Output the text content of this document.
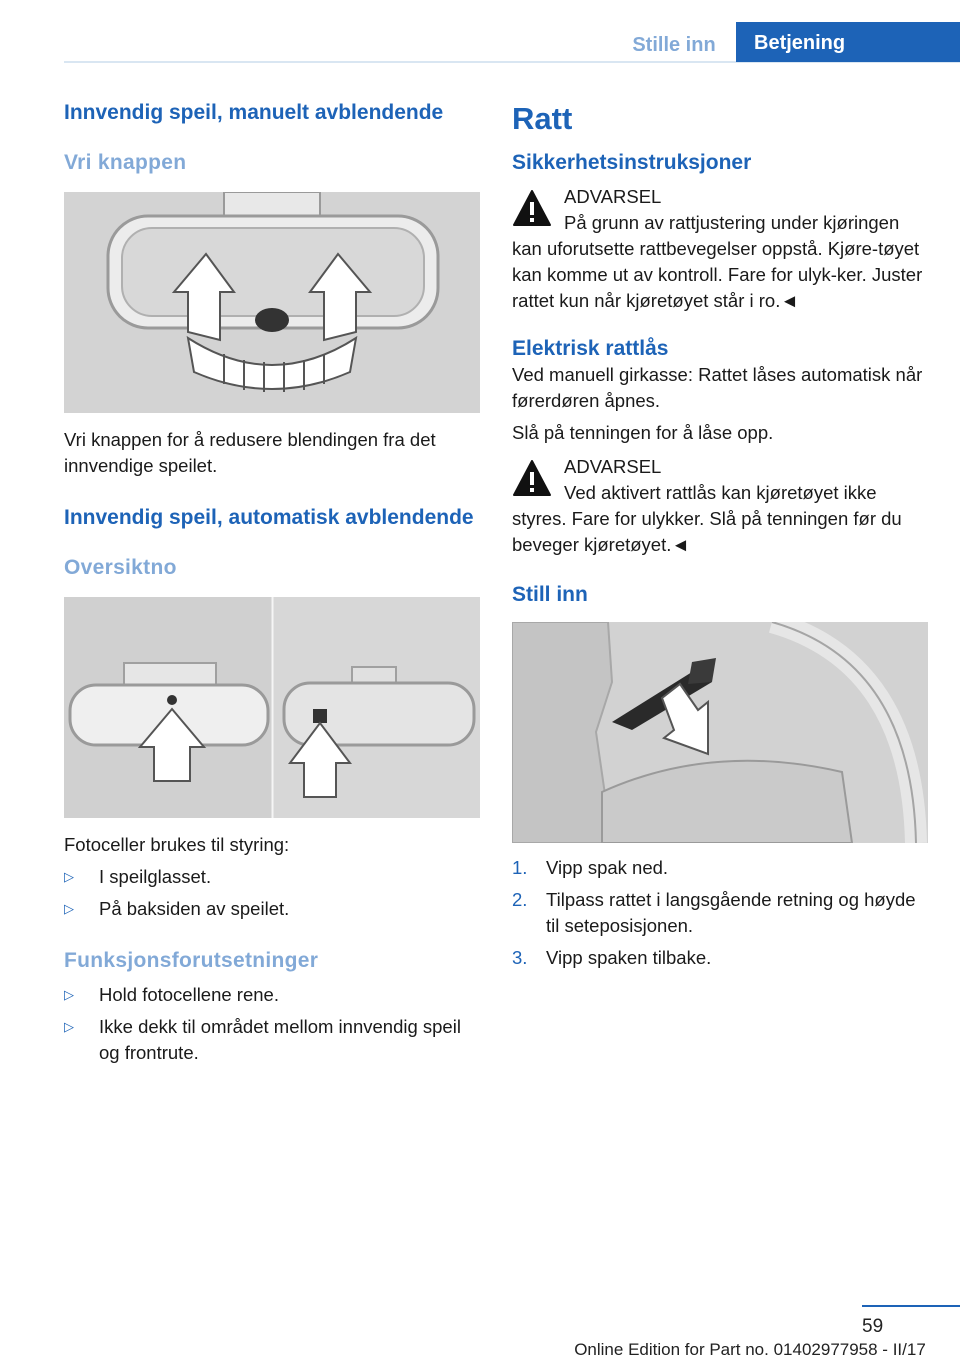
Stille inn	Betjening
Innvendig speil, manuelt avblendende
Vri knappen

Vri knappen for å redusere blendingen fra det innvendige speilet.

Innvendig speil, automatisk avblendende
Oversiktno

Fotoceller brukes til styring:

▷ I speilglasset.
▷ På baksiden av speilet.
Funksjonsforutsetninger
▷ Hold fotocellene rene.
▷ Ikke dekk til området mellom innvendig speil og frontrute.
Ratt
Sikkerhetsinstruksjoner
ADVARSEL
På grunn av rattjustering under kjøringen kan uforutsette rattbevegelser oppstå. Kjøre‐tøyet kan komme ut av kontroll. Fare for ulyk‐ker. Juster rattet kun når kjøretøyet står i ro.◄
Elektrisk rattlås

Ved manuell girkasse: Rattet låses automatisk når førerdøren åpnes.

Slå på tenningen for å låse opp.

ADVARSEL
Ved aktivert rattlås kan kjøretøyet ikke styres. Fare for ulykker. Slå på tenningen før du beveger kjøretøyet.◄
Still inn
1. Vipp spak ned.
2. Tilpass rattet i langsgående retning og høyde til seteposisjonen.
3. Vipp spaken tilbake.
59
Online Edition for Part no. 01402977958 - II/17
